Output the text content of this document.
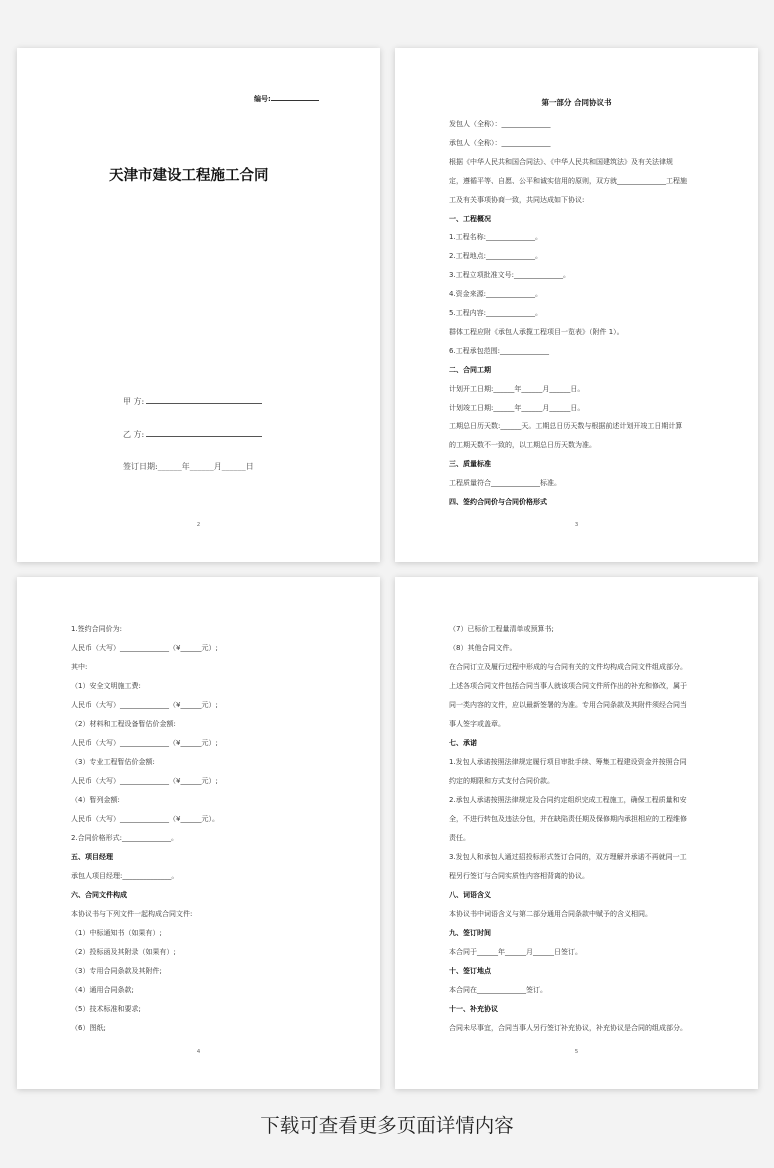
编号:
天津市建设工程施工合同
甲 方:
乙 方:
签订日期:______年______月______日
2
第一部分 合同协议书
发包人（全称）：______________
承包人（全称）：______________
根据《中华人民共和国合同法》、《中华人民共和国建筑法》及有关法律规
定，遵循平等、自愿、公平和诚实信用的原则，双方就______________工程施
工及有关事项协商一致，共同达成如下协议:
一、工程概况
1.工程名称:______________。
2.工程地点:______________。
3.工程立项批准文号:______________。
4.资金来源:______________。
5.工程内容:______________。
群体工程应附《承包人承揽工程项目一览表》（附件 1）。
6.工程承包范围:______________
二、合同工期
计划开工日期:______年______月______日。
计划竣工日期:______年______月______日。
工期总日历天数:______天。工期总日历天数与根据前述计划开竣工日期计算
的工期天数不一致的，以工期总日历天数为准。
三、质量标准
工程质量符合______________标准。
四、签约合同价与合同价格形式
3
1.签约合同价为:
人民币（大写）______________（¥______元）;
其中:
（1）安全文明施工费:
人民币（大写）______________（¥______元）;
（2）材料和工程设备暂估价金额:
人民币（大写）______________（¥______元）;
（3）专业工程暂估价金额:
人民币（大写）______________（¥______元）;
（4）暂列金额:
人民币（大写）______________（¥______元）。
2.合同价格形式:______________。
五、项目经理
承包人项目经理:______________。
六、合同文件构成
本协议书与下列文件一起构成合同文件:
（1）中标通知书（如果有）;
（2）投标函及其附录（如果有）;
（3）专用合同条款及其附件;
（4）通用合同条款;
（5）技术标准和要求;
（6）图纸;
4
（7）已标价工程量清单或预算书;
（8）其他合同文件。
在合同订立及履行过程中形成的与合同有关的文件均构成合同文件组成部分。
上述各项合同文件包括合同当事人就该项合同文件所作出的补充和修改，属于
同一类内容的文件，应以最新签署的为准。专用合同条款及其附件须经合同当
事人签字或盖章。
七、承诺
1.发包人承诺按照法律规定履行项目审批手续、筹集工程建设资金并按照合同
约定的期限和方式支付合同价款。
2.承包人承诺按照法律规定及合同约定组织完成工程施工，确保工程质量和安
全，不进行转包及违法分包，并在缺陷责任期及保修期内承担相应的工程维修
责任。
3.发包人和承包人通过招投标形式签订合同的，双方理解并承诺不再就同一工
程另行签订与合同实质性内容相背离的协议。
八、词语含义
本协议书中词语含义与第二部分通用合同条款中赋予的含义相同。
九、签订时间
本合同于______年______月______日签订。
十、签订地点
本合同在______________签订。
十一、补充协议
合同未尽事宜，合同当事人另行签订补充协议，补充协议是合同的组成部分。
5
下载可查看更多页面详情内容
